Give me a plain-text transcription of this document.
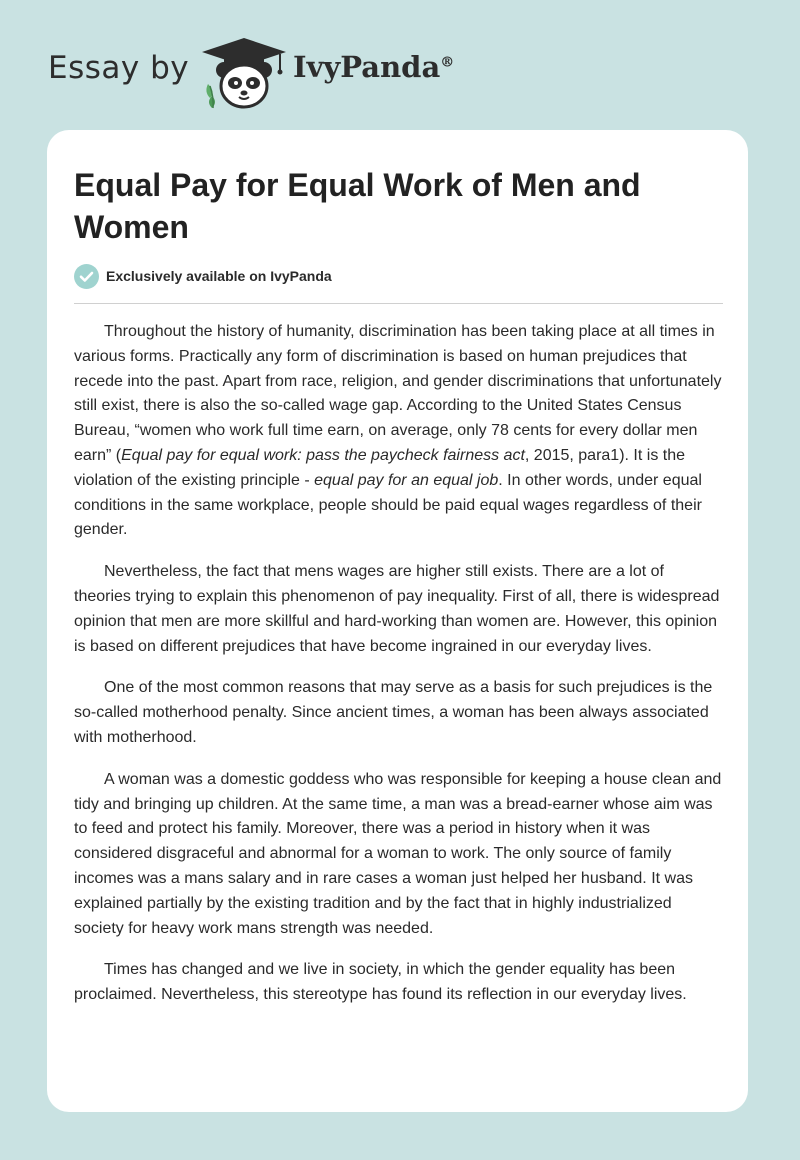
Essay by	IvyPanda®
Equal Pay for Equal Work of Men and Women
Exclusively available on IvyPanda

Throughout the history of humanity, discrimination has been taking place at all times in various forms. Practically any form of discrimination is based on human prejudices that recede into the past. Apart from race, religion, and gender discriminations that unfortunately still exist, there is also the so-called wage gap. According to the United States Census Bureau, “women who work full time earn, on average, only 78 cents for every dollar men earn” (Equal pay for equal work: pass the paycheck fairness act, 2015, para1). It is the violation of the existing principle - equal pay for an equal job. In other words, under equal conditions in the same workplace, people should be paid equal wages regardless of their gender.

Nevertheless, the fact that mens wages are higher still exists. There are a lot of theories trying to explain this phenomenon of pay inequality. First of all, there is widespread opinion that men are more skillful and hard-working than women are. However, this opinion is based on different prejudices that have become ingrained in our everyday lives.

One of the most common reasons that may serve as a basis for such prejudices is the so-called motherhood penalty. Since ancient times, a woman has been always associated with motherhood.

A woman was a domestic goddess who was responsible for keeping a house clean and tidy and bringing up children. At the same time, a man was a bread-earner whose aim was to feed and protect his family. Moreover, there was a period in history when it was considered disgraceful and abnormal for a woman to work. The only source of family incomes was a mans salary and in rare cases a woman just helped her husband. It was explained partially by the existing tradition and by the fact that in highly industrialized society for heavy work mans strength was needed.

Times has changed and we live in society, in which the gender equality has been proclaimed. Nevertheless, this stereotype has found its reflection in our everyday lives.
